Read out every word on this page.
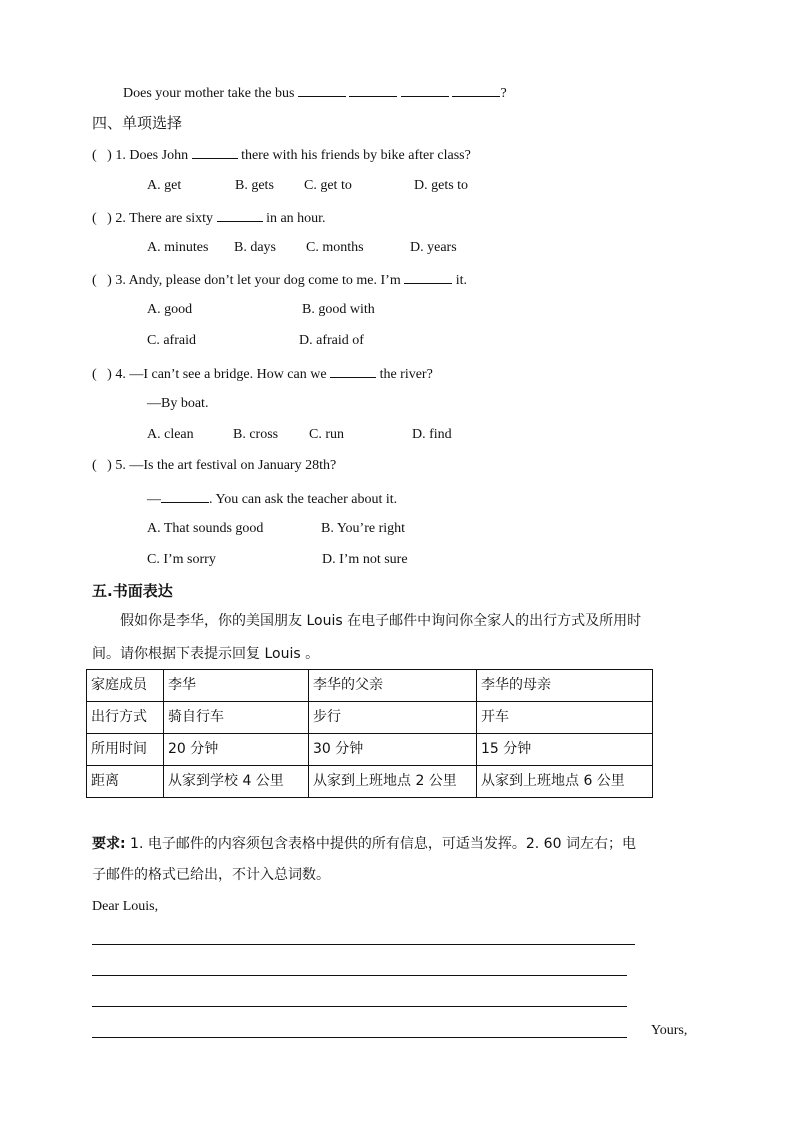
Does your mother take the bus	?
四、单项选择
( ) 1. Does John	there with his friends by bike after class?
A. get	B. gets C. get to	D. gets to
( ) 2. There are sixty	in an hour.
A. minutes B. days C. months	D. years
( ) 3. Andy, please don’t let your dog come to me. I’m	it.
A. good	B. good with
C. afraid	D. afraid of
( ) 4. —I can’t see a bridge. How can we	the river?
—By boat.
A. clean	B. cross C. run	D. find
( ) 5. —Is the art festival on January 28th?
—	. You can ask the teacher about it.
A. That sounds good	B. You’re right
C. I’m sorry	D. I’m not sure
五.书面表达
假如你是李华，你的美国朋友 Louis 在电子邮件中询问你全家人的出行方式及所用时
间。请你根据下表提示回复 Louis 。
家庭成员	李华	李华的父亲	李华的母亲
出行方式	骑自行车	步行	开车
所用时间	20 分钟	30 分钟	15 分钟
距离	从家到学校 4 公里	从家到上班地点 2 公里	从家到上班地点 6 公里
要求: 1. 电子邮件的内容须包含表格中提供的所有信息，可适当发挥。2. 60 词左右；电
子邮件的格式已给出，不计入总词数。
Dear Louis,
Yours,
